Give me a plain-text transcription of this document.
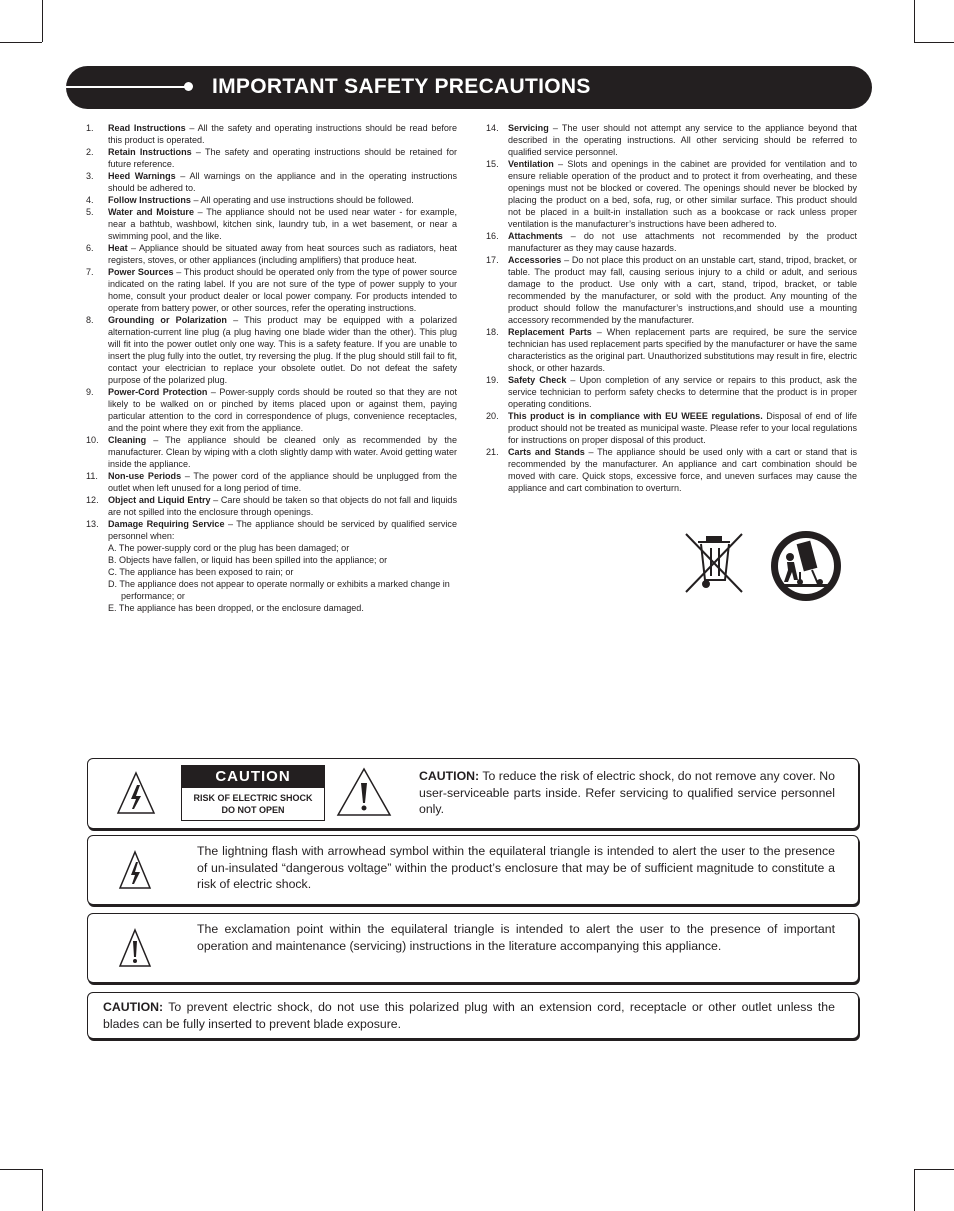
IMPORTANT SAFETY PRECAUTIONS
1. Read Instructions – All the safety and operating instructions should be read before this product is operated.
2. Retain Instructions – The safety and operating instructions should be retained for future reference.
3. Heed Warnings – All warnings on the appliance and in the operating instructions should be adhered to.
4. Follow Instructions – All operating and use instructions should be followed.
5. Water and Moisture – The appliance should not be used near water - for example, near a bathtub, washbowl, kitchen sink, laundry tub, in a wet basement, or near a swimming pool, and the like.
6. Heat – Appliance should be situated away from heat sources such as radiators, heat registers, stoves, or other appliances (including amplifiers) that produce heat.
7. Power Sources – This product should be operated only from the type of power source indicated on the rating label. If you are not sure of the type of power supply to your home, consult your product dealer or local power company. For products intended to operate from battery power, or other sources, refer the operating instructions.
8. Grounding or Polarization – This product may be equipped with a polarized alternation-current line plug (a plug having one blade wider than the other). This plug will fit into the power outlet only one way. This is a safety feature. If you are unable to insert the plug fully into the outlet, try reversing the plug. If the plug should still fail to fit, contact your electrician to replace your obsolete outlet. Do not defeat the safety purpose of the polarized plug.
9. Power-Cord Protection – Power-supply cords should be routed so that they are not likely to be walked on or pinched by items placed upon or against them, paying particular attention to the cord in correspondence of plugs, convenience receptacles, and the point where they exit from the appliance.
10. Cleaning – The appliance should be cleaned only as recommended by the manufacturer. Clean by wiping with a cloth slightly damp with water. Avoid getting water inside the appliance.
11. Non-use Periods – The power cord of the appliance should be unplugged from the outlet when left unused for a long period of time.
12. Object and Liquid Entry – Care should be taken so that objects do not fall and liquids are not spilled into the enclosure through openings.
13. Damage Requiring Service – The appliance should be serviced by qualified service personnel when:
A. The power-supply cord or the plug has been damaged; or
B. Objects have fallen, or liquid has been spilled into the appliance; or
C. The appliance has been exposed to rain; or
D. The appliance does not appear to operate normally or exhibits a marked change in performance; or
E. The appliance has been dropped, or the enclosure damaged.
14. Servicing – The user should not attempt any service to the appliance beyond that described in the operating instructions. All other servicing should be referred to qualified service personnel.
15. Ventilation – Slots and openings in the cabinet are provided for ventilation and to ensure reliable operation of the product and to protect it from overheating, and these openings must not be blocked or covered. The openings should never be blocked by placing the product on a bed, sofa, rug, or other similar surface. This product should not be placed in a built-in installation such as a bookcase or rack unless proper ventilation is the manufacturer’s instructions have been adhered to.
16. Attachments – do not use attachments not recommended by the product manufacturer as they may cause hazards.
17. Accessories – Do not place this product on an unstable cart, stand, tripod, bracket, or table. The product may fall, causing serious injury to a child or adult, and serious damage to the product. Use only with a cart, stand, tripod, bracket, or table recommended by the manufacturer, or sold with the product. Any mounting of the product should follow the manufacturer’s instructions,and should use a mounting accessory recommended by the manufacturer.
18. Replacement Parts – When replacement parts are required, be sure the service technician has used replacement parts specified by the manufacturer or have the same characteristics as the original part. Unauthorized substitutions may result in fire, electric shock, or other hazards.
19. Safety Check – Upon completion of any service or repairs to this product, ask the service technician to perform safety checks to determine that the product is in proper operating conditions.
20. This product is in compliance with EU WEEE regulations. Disposal of end of life product should not be treated as municipal waste. Please refer to your local regulations for instructions on proper disposal of this product.
21. Carts and Stands – The appliance should be used only with a cart or stand that is recommended by the manufacturer. An appliance and cart combination should be moved with care. Quick stops, excessive force, and uneven surfaces may cause the appliance and cart combination to overturn.
CAUTION: To reduce the risk of electric shock, do not remove any cover. No user-serviceable parts inside. Refer servicing to qualified service personnel only.
CAUTION
RISK OF ELECTRIC SHOCK
DO NOT OPEN
The lightning flash with arrowhead symbol within the equilateral triangle is intended to alert the user to the presence of un-insulated “dangerous voltage” within the product’s enclosure that may be of sufficient magnitude to constitute a risk of electric shock.
The exclamation point within the equilateral triangle is intended to alert the user to the presence of important operation and maintenance (servicing) instructions in the literature accompanying this appliance.
CAUTION: To prevent electric shock, do not use this polarized plug with an extension cord, receptacle or other outlet unless the blades can be fully inserted to prevent blade exposure.
